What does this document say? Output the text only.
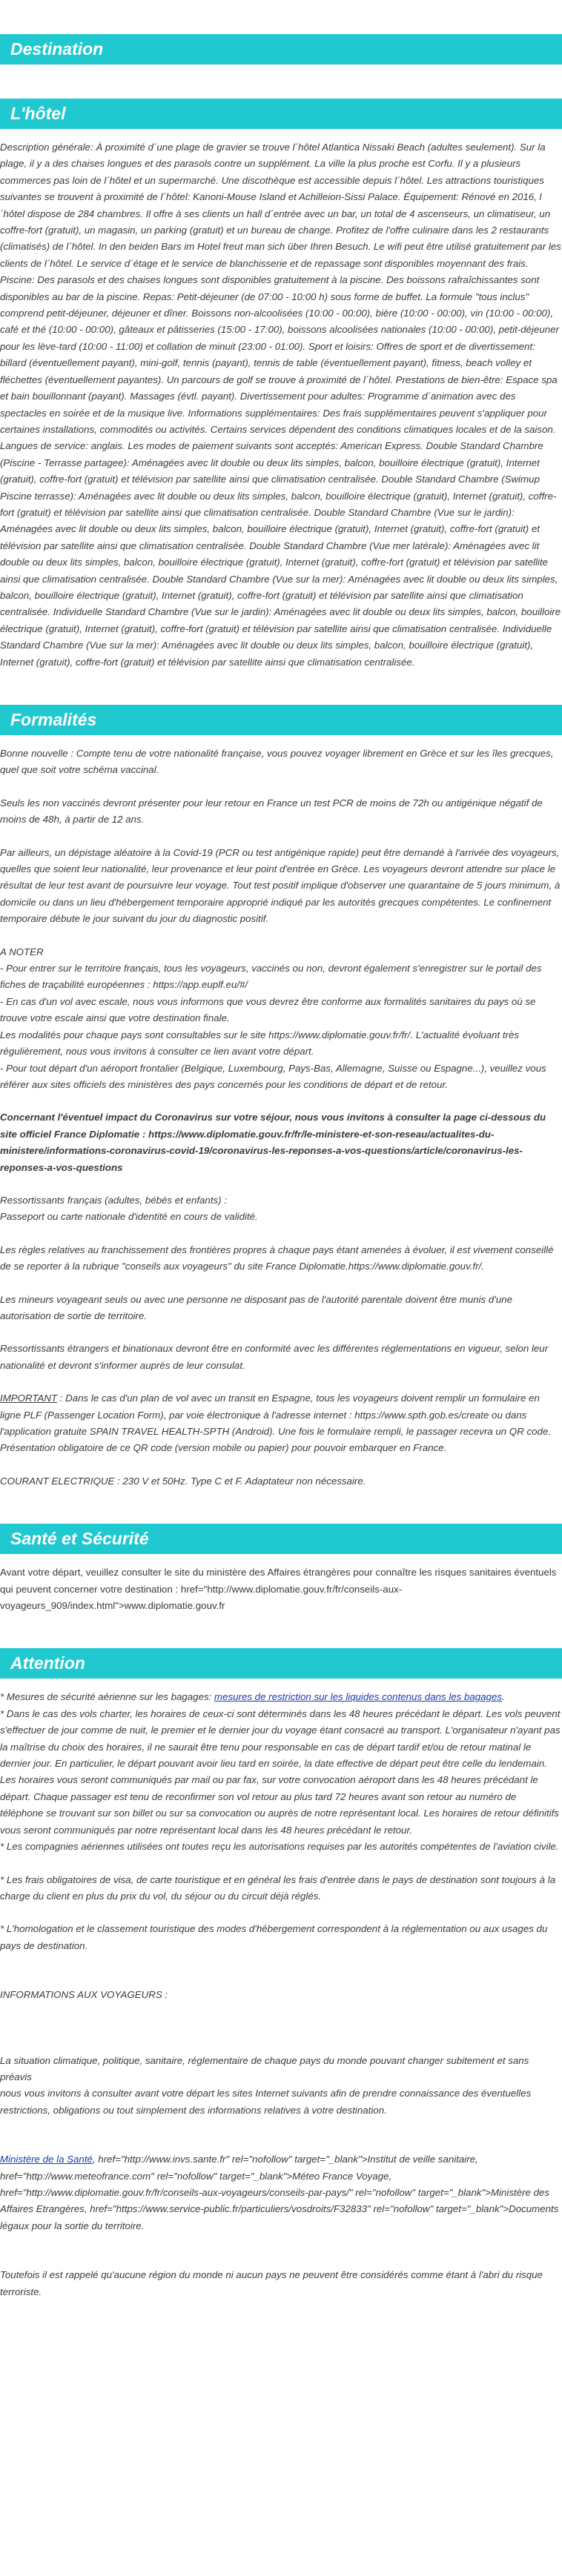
Destination
L'hôtel

Description générale: À proximité d´une plage de gravier se trouve l´hôtel Atlantica Nissaki Beach (adultes seulement). Sur la plage, il y a des chaises longues et des parasols contre un supplément. La ville la plus proche est Corfu. Il y a plusieurs commerces pas loin de l´hôtel et un supermarché. Une discothèque est accessible depuis l´hôtel. Les attractions touristiques suivantes se trouvent à proximité de l´hôtel: Kanoni-Mouse Island et Achilleion-Sissi Palace. Équipement: Rénové en 2016, l´hôtel dispose de 284 chambres. Il offre à ses clients un hall d´entrée avec un bar, un total de 4 ascenseurs, un climatiseur, un coffre-fort (gratuit), un magasin, un parking (gratuit) et un bureau de change. Profitez de l'offre culinaire dans les 2 restaurants (climatisés) de l´hôtel. In den beiden Bars im Hotel freut man sich über Ihren Besuch. Le wifi peut être utilisé gratuitement par les clients de l´hôtel. Le service d´étage et le service de blanchisserie et de repassage sont disponibles moyennant des frais. Piscine: Des parasols et des chaises longues sont disponibles gratuitement à la piscine. Des boissons rafraîchissantes sont disponibles au bar de la piscine. Repas: Petit-déjeuner (de 07:00 - 10:00 h) sous forme de buffet. La formule "tous inclus" comprend petit-déjeuner, déjeuner et dîner. Boissons non-alcoolisées (10:00 - 00:00), bière (10:00 - 00:00), vin (10:00 - 00:00), café et thé (10:00 - 00:00), gâteaux et pâtisseries (15:00 - 17:00), boissons alcoolisées nationales (10:00 - 00:00), petit-déjeuner pour les lève-tard (10:00 - 11:00) et collation de minuit (23:00 - 01:00). Sport et loisirs: Offres de sport et de divertissement: billard (éventuellement payant), mini-golf, tennis (payant), tennis de table (éventuellement payant), fitness, beach volley et fléchettes (éventuellement payantes). Un parcours de golf se trouve à proximité de l´hôtel. Prestations de bien-être: Espace spa et bain bouillonnant (payant). Massages (évtl. payant). Divertissement pour adultes: Programme d´animation avec des spectacles en soirée et de la musique live. Informations supplémentaires: Des frais supplémentaires peuvent s'appliquer pour certaines installations, commodités ou activités. Certains services dépendent des conditions climatiques locales et de la saison. Langues de service: anglais. Les modes de paiement suivants sont acceptés: American Express. Double Standard Chambre (Piscine - Terrasse partagee): Aménagées avec lit double ou deux lits simples, balcon, bouilloire électrique (gratuit), Internet (gratuit), coffre-fort (gratuit) et télévision par satellite ainsi que climatisation centralisée. Double Standard Chambre (Swimup Piscine terrasse): Aménagées avec lit double ou deux lits simples, balcon, bouilloire électrique (gratuit), Internet (gratuit), coffre-fort (gratuit) et télévision par satellite ainsi que climatisation centralisée. Double Standard Chambre (Vue sur le jardin): Aménagées avec lit double ou deux lits simples, balcon, bouilloire électrique (gratuit), Internet (gratuit), coffre-fort (gratuit) et télévision par satellite ainsi que climatisation centralisée. Double Standard Chambre (Vue mer latérale): Aménagées avec lit double ou deux lits simples, balcon, bouilloire électrique (gratuit), Internet (gratuit), coffre-fort (gratuit) et télévision par satellite ainsi que climatisation centralisée. Double Standard Chambre (Vue sur la mer): Aménagées avec lit double ou deux lits simples, balcon, bouilloire électrique (gratuit), Internet (gratuit), coffre-fort (gratuit) et télévision par satellite ainsi que climatisation centralisée. Individuelle Standard Chambre (Vue sur le jardin): Aménagées avec lit double ou deux lits simples, balcon, bouilloire électrique (gratuit), Internet (gratuit), coffre-fort (gratuit) et télévision par satellite ainsi que climatisation centralisée. Individuelle Standard Chambre (Vue sur la mer): Aménagées avec lit double ou deux lits simples, balcon, bouilloire électrique (gratuit), Internet (gratuit), coffre-fort (gratuit) et télévision par satellite ainsi que climatisation centralisée.

Formalités

Bonne nouvelle : Compte tenu de votre nationalité française, vous pouvez voyager librement en Grèce et sur les îles grecques, quel que soit votre schéma vaccinal.

Seuls les non vaccinés devront présenter pour leur retour en France un test PCR de moins de 72h ou antigénique négatif de moins de 48h, à partir de 12 ans.

Par ailleurs, un dépistage aléatoire à la Covid-19 (PCR ou test antigénique rapide) peut être demandé à l'arrivée des voyageurs, quelles que soient leur nationalité, leur provenance et leur point d'entrée en Grèce. Les voyageurs devront attendre sur place le résultat de leur test avant de poursuivre leur voyage. Tout test positif implique d'observer une quarantaine de 5 jours minimum, à domicile ou dans un lieu d'hébergement temporaire approprié indiqué par les autorités grecques compétentes. Le confinement temporaire débute le jour suivant du jour du diagnostic positif.

A NOTER
- Pour entrer sur le territoire français, tous les voyageurs, vaccinés ou non, devront également s'enregistrer sur le portail des fiches de traçabilité européennes : https://app.euplf.eu/#/
- En cas d'un vol avec escale, nous vous informons que vous devrez être conforme aux formalités sanitaires du pays où se trouve votre escale ainsi que votre destination finale.
Les modalités pour chaque pays sont consultables sur le site https://www.diplomatie.gouv.fr/fr/. L'actualité évoluant très régulièrement, nous vous invitons à consulter ce lien avant votre départ.
- Pour tout départ d'un aéroport frontalier (Belgique, Luxembourg, Pays-Bas, Allemagne, Suisse ou Espagne...), veuillez vous référer aux sites officiels des ministères des pays concernés pour les conditions de départ et de retour.

Concernant l'éventuel impact du Coronavirus sur votre séjour, nous vous invitons à consulter la page ci-dessous du site officiel France Diplomatie : https://www.diplomatie.gouv.fr/fr/le-ministere-et-son-reseau/actualites-du-ministere/informations-coronavirus-covid-19/coronavirus-les-reponses-a-vos-questions/article/coronavirus-les-reponses-a-vos-questions

Ressortissants français (adultes, bébés et enfants) :
Passeport ou carte nationale d'identité en cours de validité.

Les règles relatives au franchissement des frontières propres à chaque pays étant amenées à évoluer, il est vivement conseillé de se reporter à la rubrique "conseils aux voyageurs" du site France Diplomatie.https://www.diplomatie.gouv.fr/.

Les mineurs voyageant seuls ou avec une personne ne disposant pas de l'autorité parentale doivent être munis d'une autorisation de sortie de territoire.

Ressortissants étrangers et binationaux devront être en conformité avec les différentes réglementations en vigueur, selon leur nationalité et devront s'informer auprès de leur consulat.

IMPORTANT : Dans le cas d'un plan de vol avec un transit en Espagne, tous les voyageurs doivent remplir un formulaire en ligne PLF (Passenger Location Form), par voie électronique à l'adresse internet : https://www.spth.gob.es/create ou dans l'application gratuite SPAIN TRAVEL HEALTH-SPTH (Android). Une fois le formulaire rempli, le passager recevra un QR code. Présentation obligatoire de ce QR code (version mobile ou papier) pour pouvoir embarquer en France.

COURANT ELECTRIQUE : 230 V et 50Hz. Type C et F. Adaptateur non nécessaire.

Santé et Sécurité

Avant votre départ, veuillez consulter le site du ministère des Affaires étrangères pour connaître les risques sanitaires éventuels qui peuvent concerner votre destination : href="http://www.diplomatie.gouv.fr/fr/conseils-aux-voyageurs_909/index.html">www.diplomatie.gouv.fr

Attention

* Mesures de sécurité aérienne sur les bagages: mesures de restriction sur les liquides contenus dans les bagages.

* Dans le cas des vols charter, les horaires de ceux-ci sont déterminés dans les 48 heures précédant le départ. Les vols peuvent s'effectuer de jour comme de nuit, le premier et le dernier jour du voyage étant consacré au transport. L'organisateur n'ayant pas la maîtrise du choix des horaires, il ne saurait être tenu pour responsable en cas de départ tardif et/ou de retour matinal le dernier jour. En particulier, le départ pouvant avoir lieu tard en soirée, la date effective de départ peut être celle du lendemain. Les horaires vous seront communiqués par mail ou par fax, sur votre convocation aéroport dans les 48 heures précédant le départ. Chaque passager est tenu de reconfirmer son vol retour au plus tard 72 heures avant son retour au numéro de téléphone se trouvant sur son billet ou sur sa convocation ou auprès de notre représentant local. Les horaires de retour définitifs vous seront communiqués par notre représentant local dans les 48 heures précédant le retour.

* Les compagnies aériennes utilisées ont toutes reçu les autorisations requises par les autorités compétentes de l'aviation civile.

* Les frais obligatoires de visa, de carte touristique et en général les frais d'entrée dans le pays de destination sont toujours à la charge du client en plus du prix du vol, du séjour ou du circuit déjà réglés.

* L'homologation et le classement touristique des modes d'hébergement correspondent à la réglementation ou aux usages du pays de destination.

INFORMATIONS AUX VOYAGEURS :

La situation climatique, politique, sanitaire, réglementaire de chaque pays du monde pouvant changer subitement et sans préavis
nous vous invitons à consulter avant votre départ les sites Internet suivants afin de prendre connaissance des éventuelles restrictions, obligations ou tout simplement des informations relatives à votre destination.

Ministère de la Santé, href="http://www.invs.sante.fr" rel="nofollow" target="_blank">Institut de veille sanitaire, href="http://www.meteofrance.com" rel="nofollow" target="_blank">Méteo France Voyage, href="http://www.diplomatie.gouv.fr/fr/conseils-aux-voyageurs/conseils-par-pays/" rel="nofollow" target="_blank">Ministère des Affaires Etrangères, href="https://www.service-public.fr/particuliers/vosdroits/F32833" rel="nofollow" target="_blank">Documents légaux pour la sortie du territoire.

Toutefois il est rappelé qu'aucune région du monde ni aucun pays ne peuvent être considérés comme étant à l'abri du risque terroriste.
